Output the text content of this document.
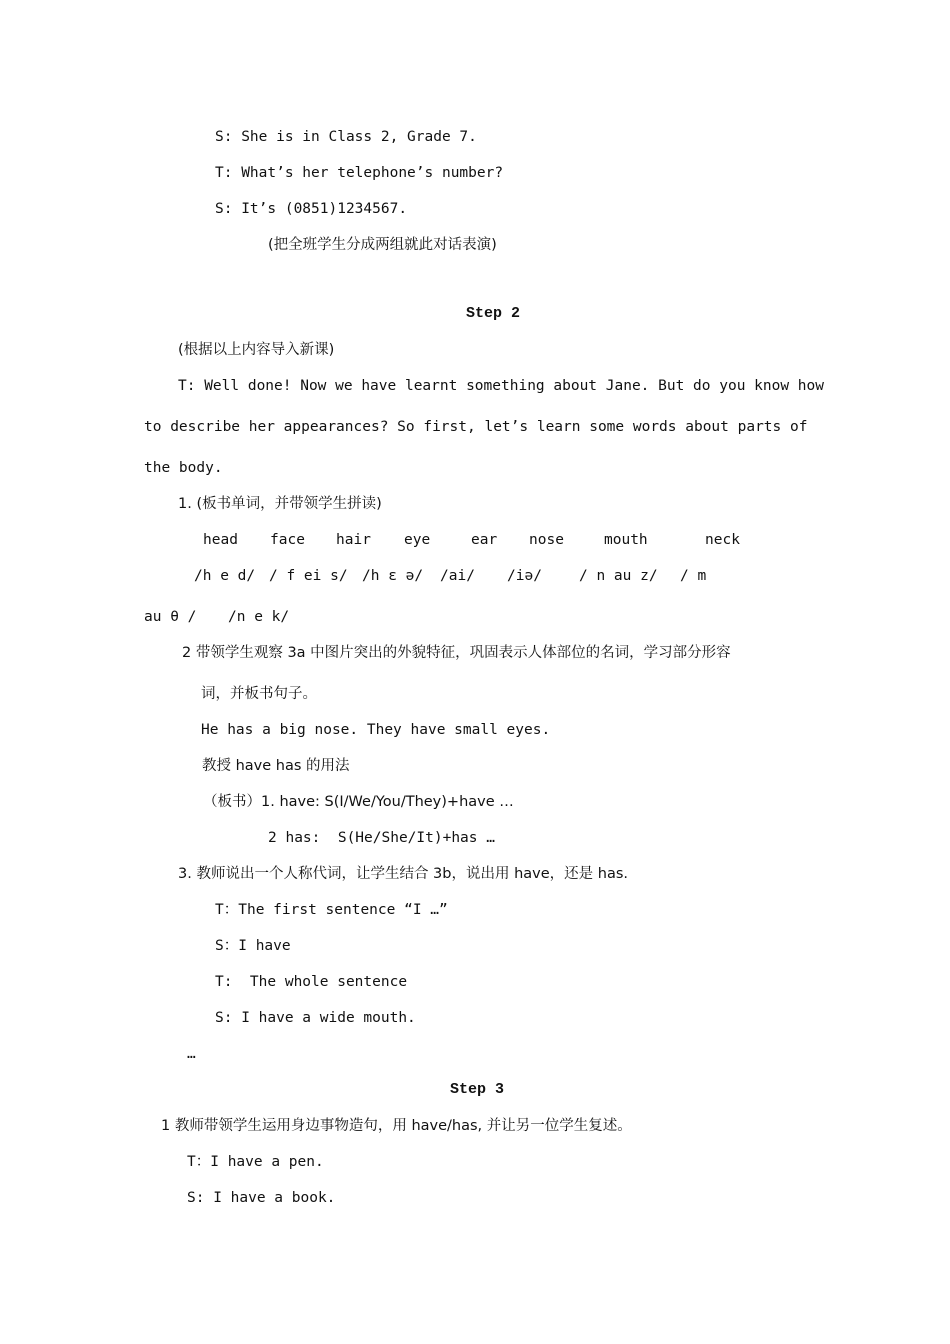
S: She is in Class 2, Grade 7.
T: What’s her telephone’s number?
S: It’s (0851)1234567.
(把全班学生分成两组就此对话表演)
Step 2
(根据以上内容导入新课)
T: Well done! Now we have learnt something about Jane. But do you know how
to describe her appearances? So first, let’s learn some words about parts of
the body.
1. (板书单词，并带领学生拼读)
head face hair eye	ear nose	mouth	neck
/h e d/ / f ei s/ /h ɛ ə/ /ai/ /iə/	/ n au z/ / m
au θ / /n e k/
2 带领学生观察 3a 中图片突出的外貌特征，巩固表示人体部位的名词，学习部分形容
词，并板书句子。
He has a big nose. They have small eyes.
教授 have has 的用法
（板书）1. have: S(I/We/You/They)+have …
2 has:  S(He/She/It)+has …
3. 教师说出一个人称代词，让学生结合 3b，说出用 have，还是 has.
T：The first sentence “I …”
S：I have
T:  The whole sentence
S: I have a wide mouth.
…
Step 3
1 教师带领学生运用身边事物造句，用 have/has, 并让另一位学生复述。
T：I have a pen.
S: I have a book.
